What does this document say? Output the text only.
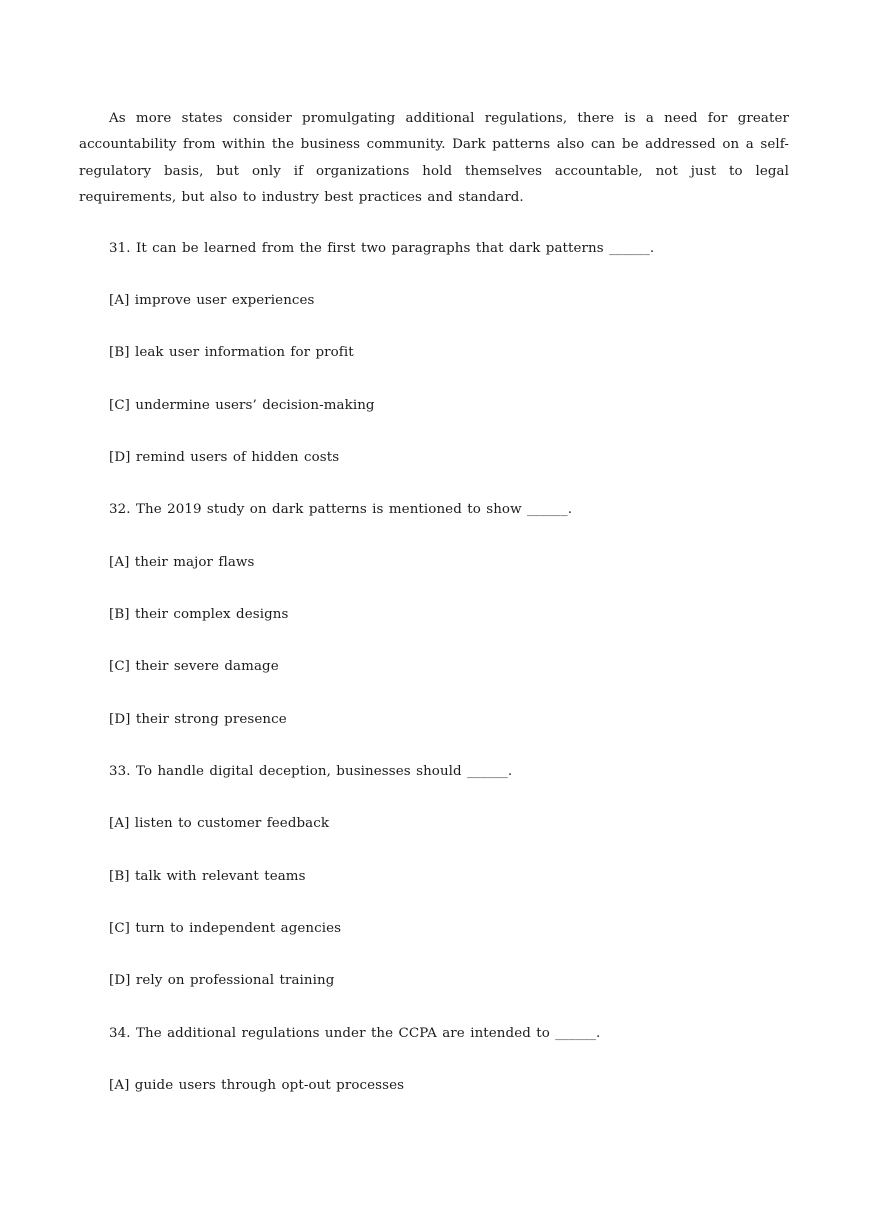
As more states consider promulgating additional regulations, there is a need for greater accountability from within the business community. Dark patterns also can be addressed on a self-regulatory basis, but only if organizations hold themselves accountable, not just to legal requirements, but also to industry best practices and standard.

31. It can be learned from the first two paragraphs that dark patterns ______.
[A] improve user experiences
[B] leak user information for profit
[C] undermine users’ decision-making
[D] remind users of hidden costs
32. The 2019 study on dark patterns is mentioned to show ______.
[A] their major flaws
[B] their complex designs
[C] their severe damage
[D] their strong presence
33. To handle digital deception, businesses should ______.
[A] listen to customer feedback
[B] talk with relevant teams
[C] turn to independent agencies
[D] rely on professional training
34. The additional regulations under the CCPA are intended to ______.
[A] guide users through opt-out processes
